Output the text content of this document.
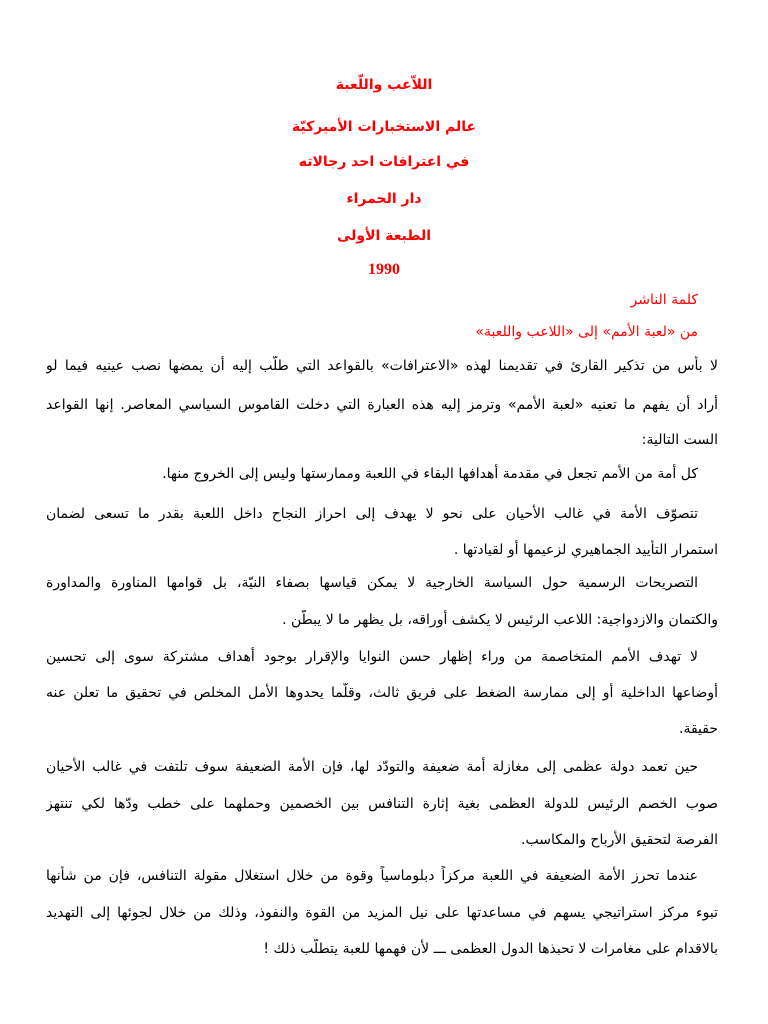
اللاّعب واللّعبة
عالم الاستخبارات الأميركيّة
في اعترافات احد رجالاته
دار الحمراء
الطبعة الأولى
1990
كلمة الناشر
من «لعبة الأمم» إلى «اللاعب واللعبة»
لا بأس من تذكير القارئ في تقديمنا لهذه «الاعترافات» بالقواعد التي طلّب إليه أن يمضها نصب عينيه فيما لو
أراد أن يفهم ما تعنيه «لعبة الأمم» وترمز إليه هذه العبارة التي دخلت القاموس السياسي المعاصر. إنها القواعد
الست التالية:
كل أمة من الأمم تجعل في مقدمة أهدافها البقاء في اللعبة وممارستها وليس إلى الخروج منها.
تتصوّف الأمة في غالب الأحيان على نحو لا يهدف إلى احراز النجاح داخل اللعبة بقدر ما تسعى لضمان
استمرار التأييد الجماهيري لزعيمها أو لقيادتها .
التصريحات الرسمية حول السياسة الخارجية لا يمكن قياسها بصفاء النيّة، بل قوامها المناورة والمداورة
والكتمان والازدواجية: اللاعب الرئيس لا يكشف أوراقه، بل يظهر ما لا يبطّن .
لا تهدف الأمم المتخاصمة من وراء إظهار حسن النوايا والإقرار بوجود أهداف مشتركة سوى إلى تحسين
أوضاعها الداخلية أو إلى ممارسة الضغط على فريق ثالث، وقلّما يحدوها الأمل المخلص في تحقيق ما تعلن عنه
حقيقة.
حين تعمد دولة عظمى إلى مغازلة أمة ضعيفة والتودّد لها، فإن الأمة الضعيفة سوف تلتفت في غالب الأحيان
صوب الخصم الرئيس للدولة العظمى بغية إثارة التنافس بين الخصمين وحملهما على خطب ودّها لكي تنتهز
الفرصة لتحقيق الأرباح والمكاسب.
عندما تحرز الأمة الضعيفة في اللعبة مركزاً دبلوماسياً وقوة من خلال استغلال مقولة التنافس، فإن من شأنها
تبوء مركز استراتيجي يسهم في مساعدتها على نيل المزيد من القوة والنفوذ، وذلك من خلال لجوئها إلى التهديد
بالاقدام على مغامرات لا تحبذها الدول العظمى ـــ لأن فهمها للعبة يتطلّب ذلك !
